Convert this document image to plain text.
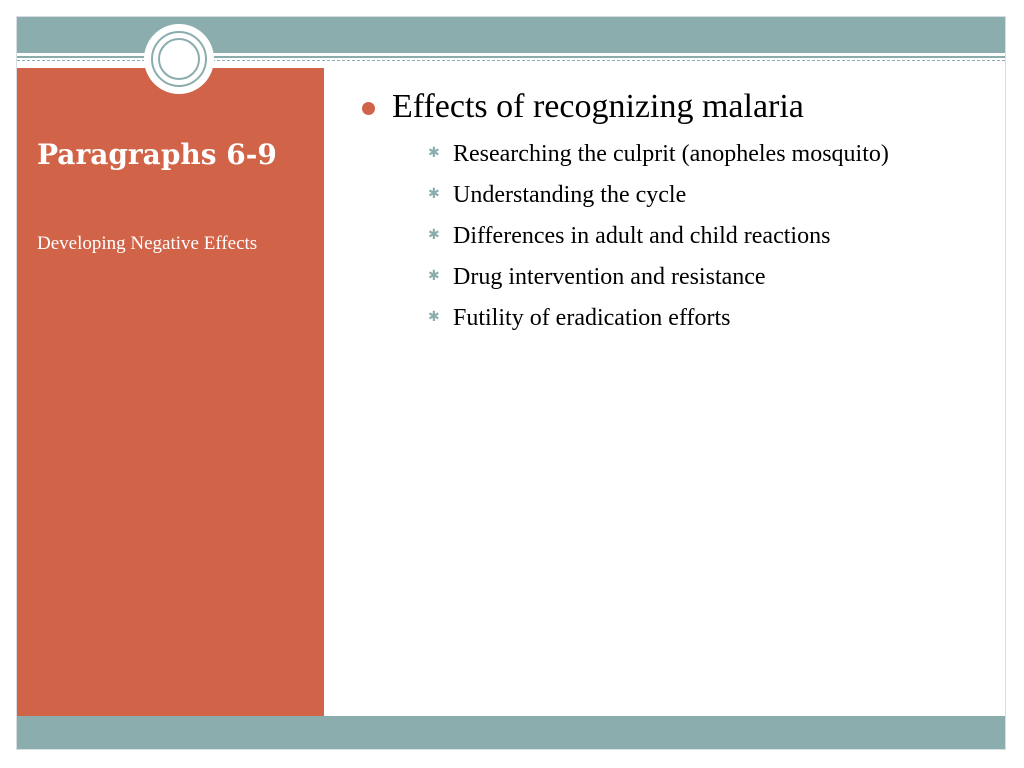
Paragraphs 6-9
Developing Negative Effects
Effects of recognizing malaria
✱ Researching the culprit (anopheles mosquito)
✱ Understanding the cycle
✱ Differences in adult and child reactions
✱ Drug intervention and resistance
✱ Futility of eradication efforts
